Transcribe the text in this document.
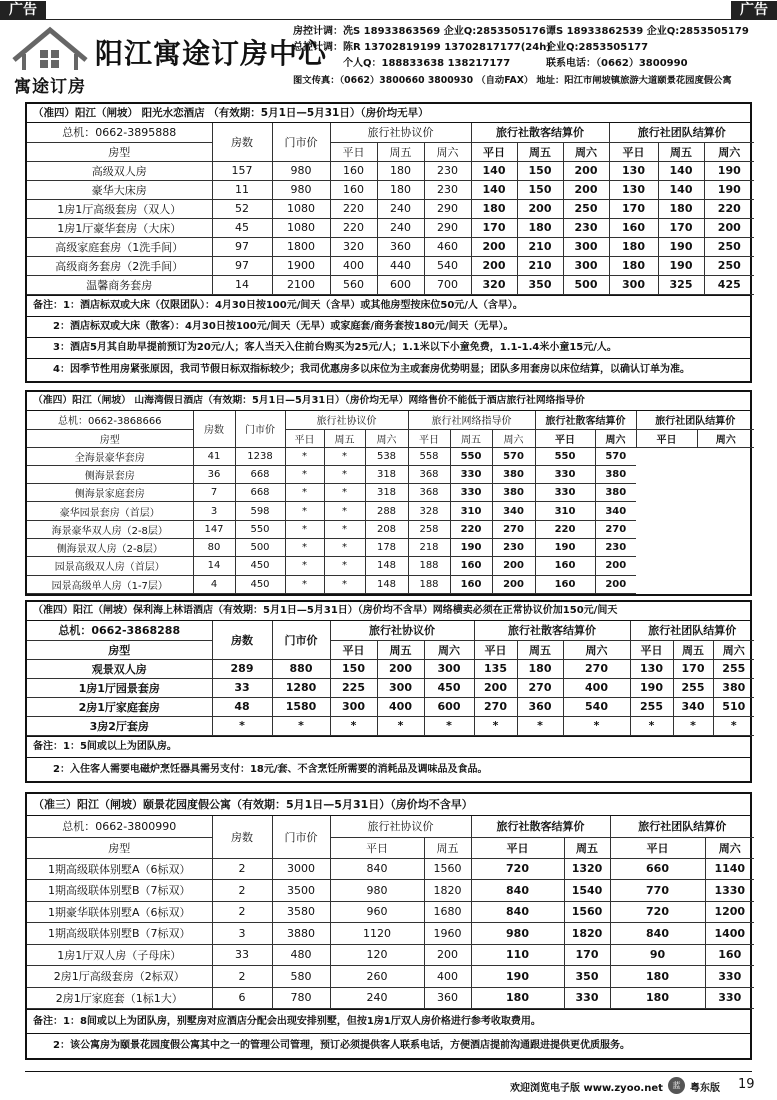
广告	广告
寓途订房
阳江寓途订房中心
房控计调：冼S 18933863569 企业Q:2853505176 谭S 18933862539 企业Q:2853505179
总控计调：陈R 13702819199 13702817177(24h)
企业Q:2853505177
个人Q：188833638 138217177	联系电话：（0662）3800990
图文传真：（0662）3800660 3800930 （自动FAX） 地址：阳江市闸坡镇旅游大道颐景花园度假公寓
（准四）阳江（闸坡） 阳光水恋酒店 （有效期：5月1日—5月31日）（房价均无早）
总机：0662-3895888	房数	门市价	旅行社协议价			旅行社散客结算价			旅行社团队结算价		
房型			平日	周五	周六	平日	周五	周六	平日	周五	周六
高级双人房	157	980	160	180	230	140	150	200	130	140	190
豪华大床房	11	980	160	180	230	140	150	200	130	140	190
1房1厅高级套房（双人）	52	1080	220	240	290	180	200	250	170	180	220
1房1厅豪华套房（大床）	45	1080	220	240	290	170	180	230	160	170	200
高级家庭套房（1洗手间）	97	1800	320	360	460	200	210	300	180	190	250
高级商务套房（2洗手间）	97	1900	400	440	540	200	210	300	180	190	250
温馨商务套房	14	2100	560	600	700	320	350	500	300	325	425
备注：1：酒店标双或大床（仅限团队）：4月30日按100元/间天（含早）或其他房型按床位50元/人（含早）。
　　2：酒店标双或大床（散客）：4月30日按100元/间天（无早）或家庭套/商务套按180元/间天（无早）。
　　3：酒店5月其自助早提前预订为20元/人；客人当天入住前台购买为25元/人；1.1米以下小童免费，1.1-1.4米小童15元/人。
　　4：因季节性用房紧张原因，我司节假日标双指标较少；我司优惠房多以床位为主或套房优势明显；团队多用套房以床位结算，以确认订单为准。
（准四）阳江（闸坡） 山海湾假日酒店（有效期：5月1日—5月31日）（房价均无早）网络售价不能低于酒店旅行社网络指导价
总机：0662-3868666	房数	门市价	旅行社协议价			旅行社网络指导价			旅行社散客结算价		旅行社团队结算价	
房型			平日	周五	周六	平日	周五	周六	平日	周六	平日	周六
全海景豪华套房	41	1238	*	*	538	558	550	570	550	570		
侧海景套房	36	668	*	*	318	368	330	380	330	380		
侧海景家庭套房	7	668	*	*	318	368	330	380	330	380		
豪华园景套房（首层）	3	598	*	*	288	328	310	340	310	340		
海景豪华双人房（2-8层）	147	550	*	*	208	258	220	270	220	270		
侧海景双人房（2-8层）	80	500	*	*	178	218	190	230	190	230		
园景高级双人房（首层）	14	450	*	*	148	188	160	200	160	200		
园景高级单人房（1-7层）	4	450	*	*	148	188	160	200	160	200		
（准四）阳江（闸坡）保利海上林语酒店（有效期：5月1日—5月31日）（房价均不含早）网络横卖必须在正常协议价加150元/间天
总机：0662-3868288	房数	门市价	旅行社协议价			旅行社散客结算价			旅行社团队结算价		
房型			平日	周五	周六	平日	周五	周六	平日	周五	周六
观景双人房	289	880	150	200	300	135	180	270	130	170	255
1房1厅园景套房	33	1280	225	300	450	200	270	400	190	255	380
2房1厅家庭套房	48	1580	300	400	600	270	360	540	255	340	510
3房2厅套房	*	*	*	*	*	*	*	*	*	*	*
备注：1：5间或以上为团队房。
　　2：入住客人需要电磁炉烹饪器具需另支付：18元/套、不含烹饪所需要的消耗品及调味品及食品。
（准三）阳江（闸坡）颐景花园度假公寓（有效期：5月1日—5月31日）（房价均不含早）
总机：0662-3800990	房数	门市价	旅行社协议价		旅行社散客结算价		旅行社团队结算价	
房型			平日	周五	平日	周五	平日	周六
1期高级联体别墅A（6标双）	2	3000	840	1560	720	1320	660	1140
1期高级联体别墅B（7标双）	2	3500	980	1820	840	1540	770	1330
1期豪华联体别墅A（6标双）	2	3580	960	1680	840	1560	720	1200
1期高级联体别墅B（7标双）	3	3880	1120	1960	980	1820	840	1400
1房1厅双人房（子母床）	33	480	120	200	110	170	90	160
2房1厅高级套房（2标双）	2	580	260	400	190	350	180	330
2房1厅家庭套（1标1大）	6	780	240	360	180	330	180	330
备注：1：8间或以上为团队房，别墅房对应酒店分配会出现安排别墅，但按1房1厅双人房价格进行参考收取费用。
　　2：该公寓房为颐景花园度假公寓其中之一的管理公司管理，预订必须提供客人联系电话，方便酒店提前沟通跟进提供更优质服务。
欢迎浏览电子版 www.zyoo.net	蓝 粤东版 19
